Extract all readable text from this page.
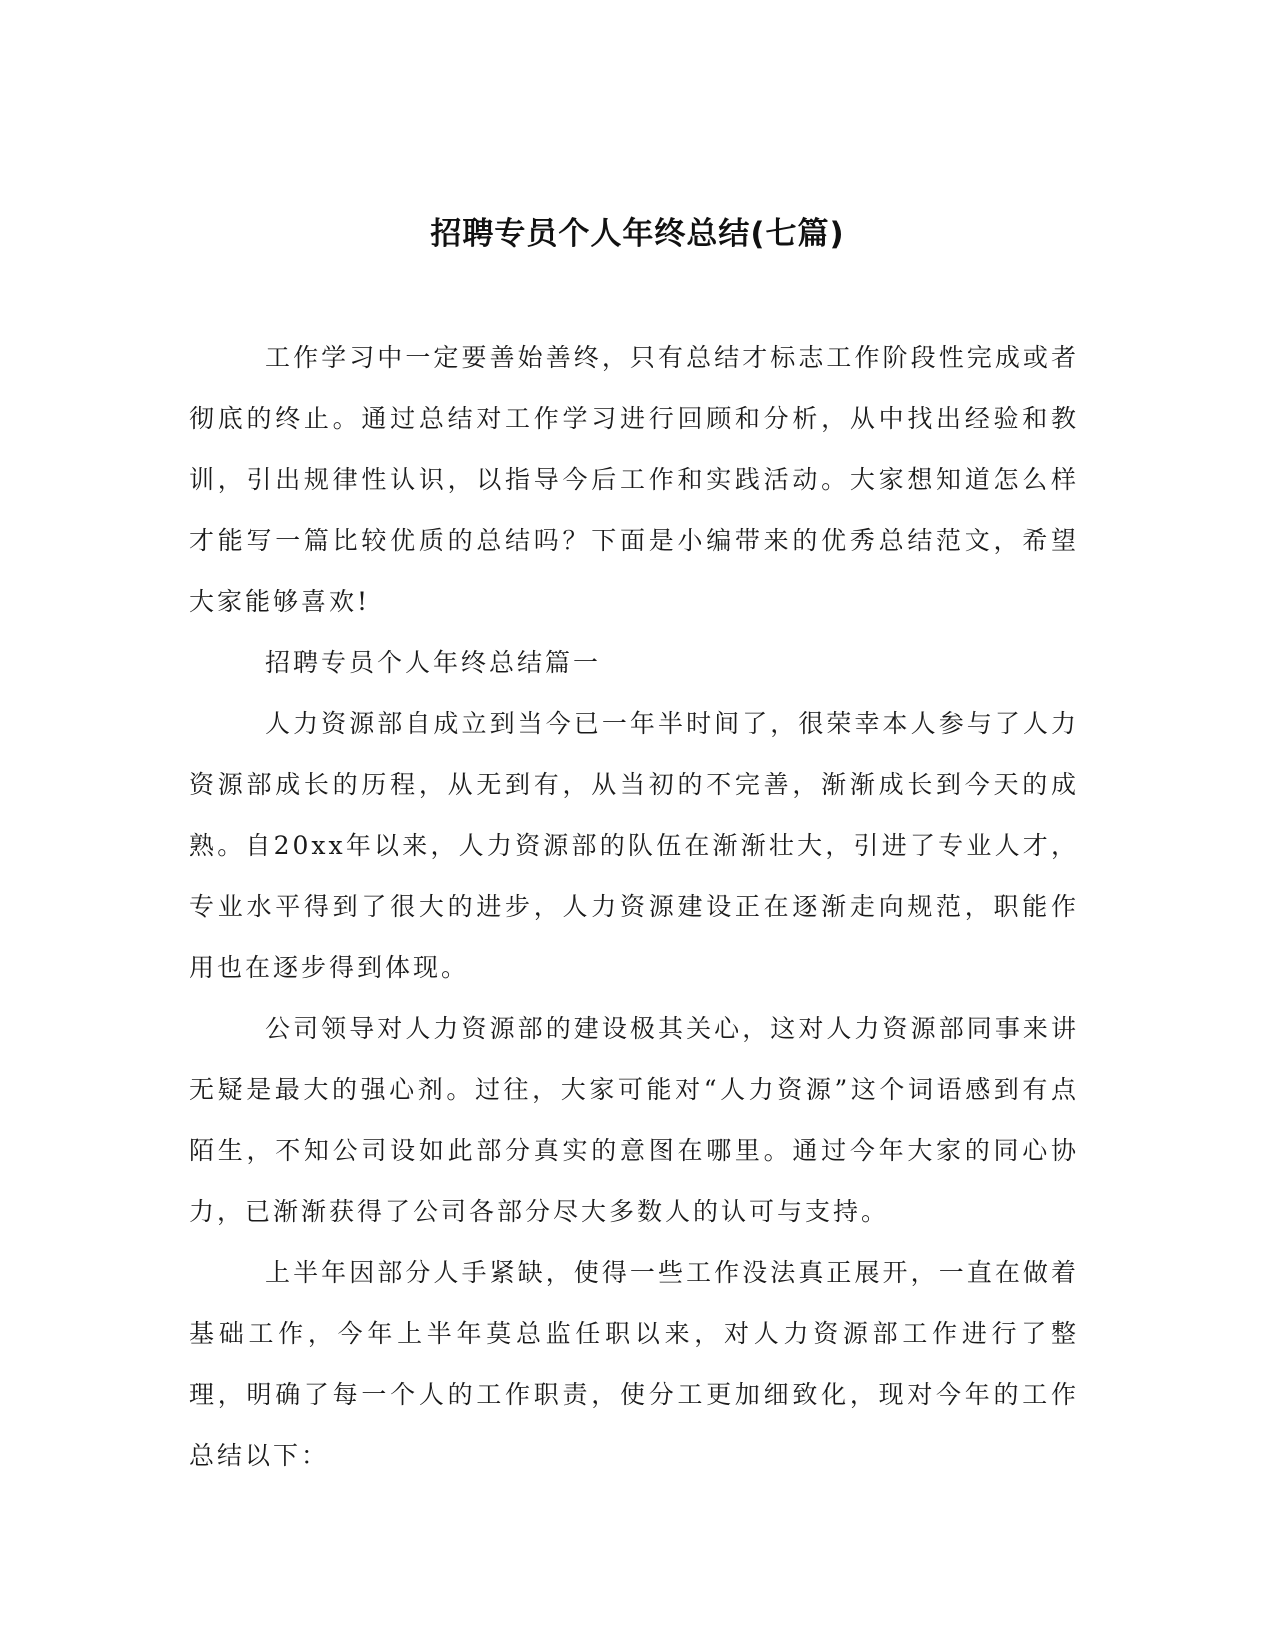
招聘专员个人年终总结(七篇)

工作学习中一定要善始善终，只有总结才标志工作阶段性完成或者彻底的终止。通过总结对工作学习进行回顾和分析，从中找出经验和教训，引出规律性认识，以指导今后工作和实践活动。大家想知道怎么样才能写一篇比较优质的总结吗？下面是小编带来的优秀总结范文，希望大家能够喜欢!

招聘专员个人年终总结篇一

人力资源部自成立到当今已一年半时间了，很荣幸本人参与了人力资源部成长的历程，从无到有，从当初的不完善，渐渐成长到今天的成熟。自20xx年以来，人力资源部的队伍在渐渐壮大，引进了专业人才，专业水平得到了很大的进步，人力资源建设正在逐渐走向规范，职能作用也在逐步得到体现。

公司领导对人力资源部的建设极其关心，这对人力资源部同事来讲无疑是最大的强心剂。过往，大家可能对“人力资源”这个词语感到有点陌生，不知公司设如此部分真实的意图在哪里。通过今年大家的同心协力，已渐渐获得了公司各部分尽大多数人的认可与支持。

上半年因部分人手紧缺，使得一些工作没法真正展开，一直在做着基础工作，今年上半年莫总监任职以来，对人力资源部工作进行了整理，明确了每一个人的工作职责，使分工更加细致化，现对今年的工作总结以下：
